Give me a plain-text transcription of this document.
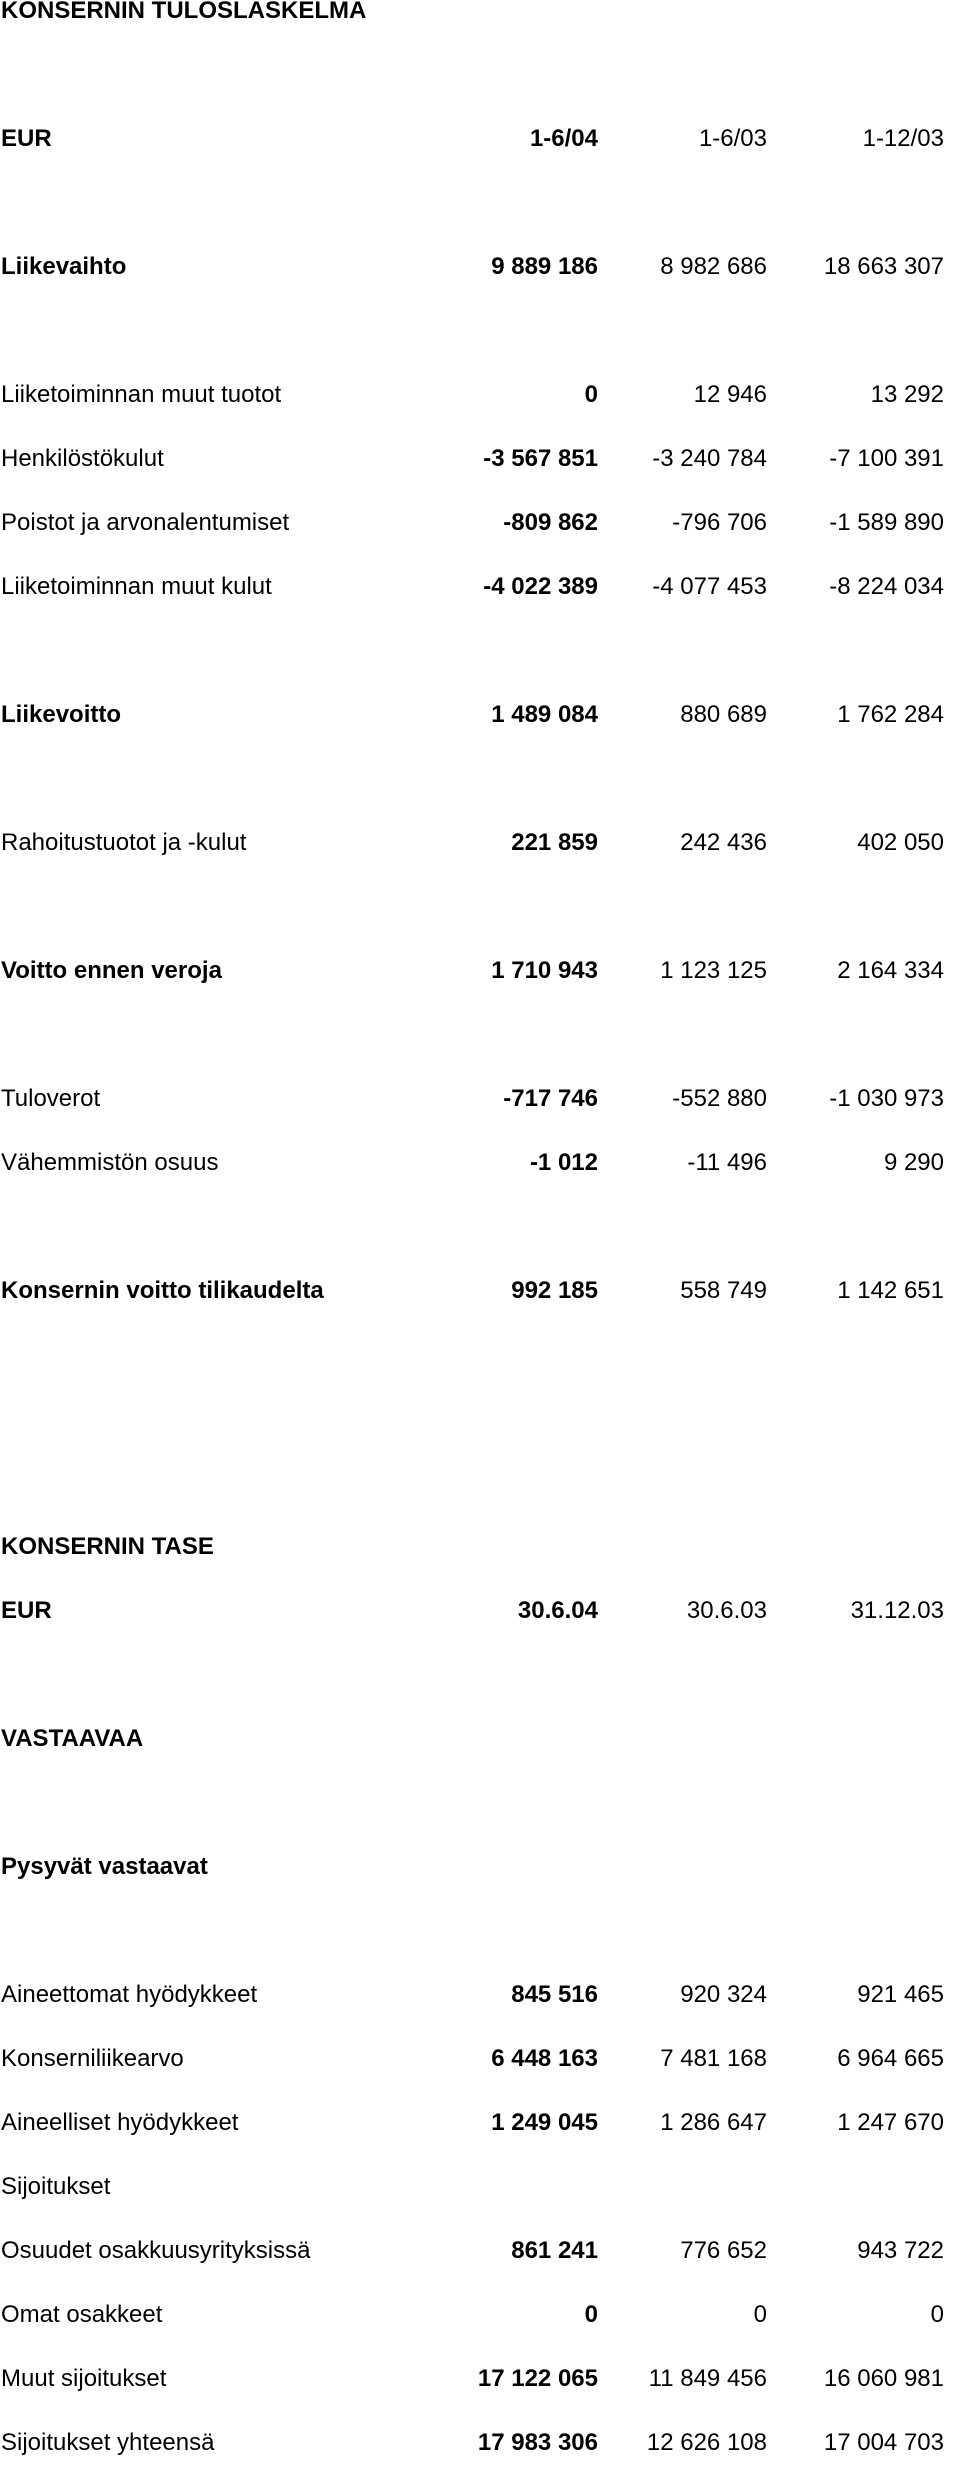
KONSERNIN TULOSLASKELMA
EUR	1-6/04	1-6/03	1-12/03
Liikevaihto	9 889 186	8 982 686	18 663 307
Liiketoiminnan muut tuotot	0	12 946	13 292
Henkilöstökulut	-3 567 851	-3 240 784	-7 100 391
Poistot ja arvonalentumiset	-809 862	-796 706	-1 589 890
Liiketoiminnan muut kulut	-4 022 389	-4 077 453	-8 224 034
Liikevoitto	1 489 084	880 689	1 762 284
Rahoitustuotot ja -kulut	221 859	242 436	402 050
Voitto ennen veroja	1 710 943	1 123 125	2 164 334
Tuloverot	-717 746	-552 880	-1 030 973
Vähemmistön osuus	-1 012	-11 496	9 290
Konsernin voitto tilikaudelta	992 185	558 749	1 142 651
KONSERNIN TASE
EUR	30.6.04	30.6.03	31.12.03
VASTAAVAA
Pysyvät vastaavat
Aineettomat hyödykkeet	845 516	920 324	921 465
Konserniliikearvo	6 448 163	7 481 168	6 964 665
Aineelliset hyödykkeet	1 249 045	1 286 647	1 247 670
Sijoitukset
Osuudet osakkuusyrityksissä	861 241	776 652	943 722
Omat osakkeet	0	0	0
Muut sijoitukset	17 122 065	11 849 456	16 060 981
Sijoitukset yhteensä	17 983 306	12 626 108	17 004 703
